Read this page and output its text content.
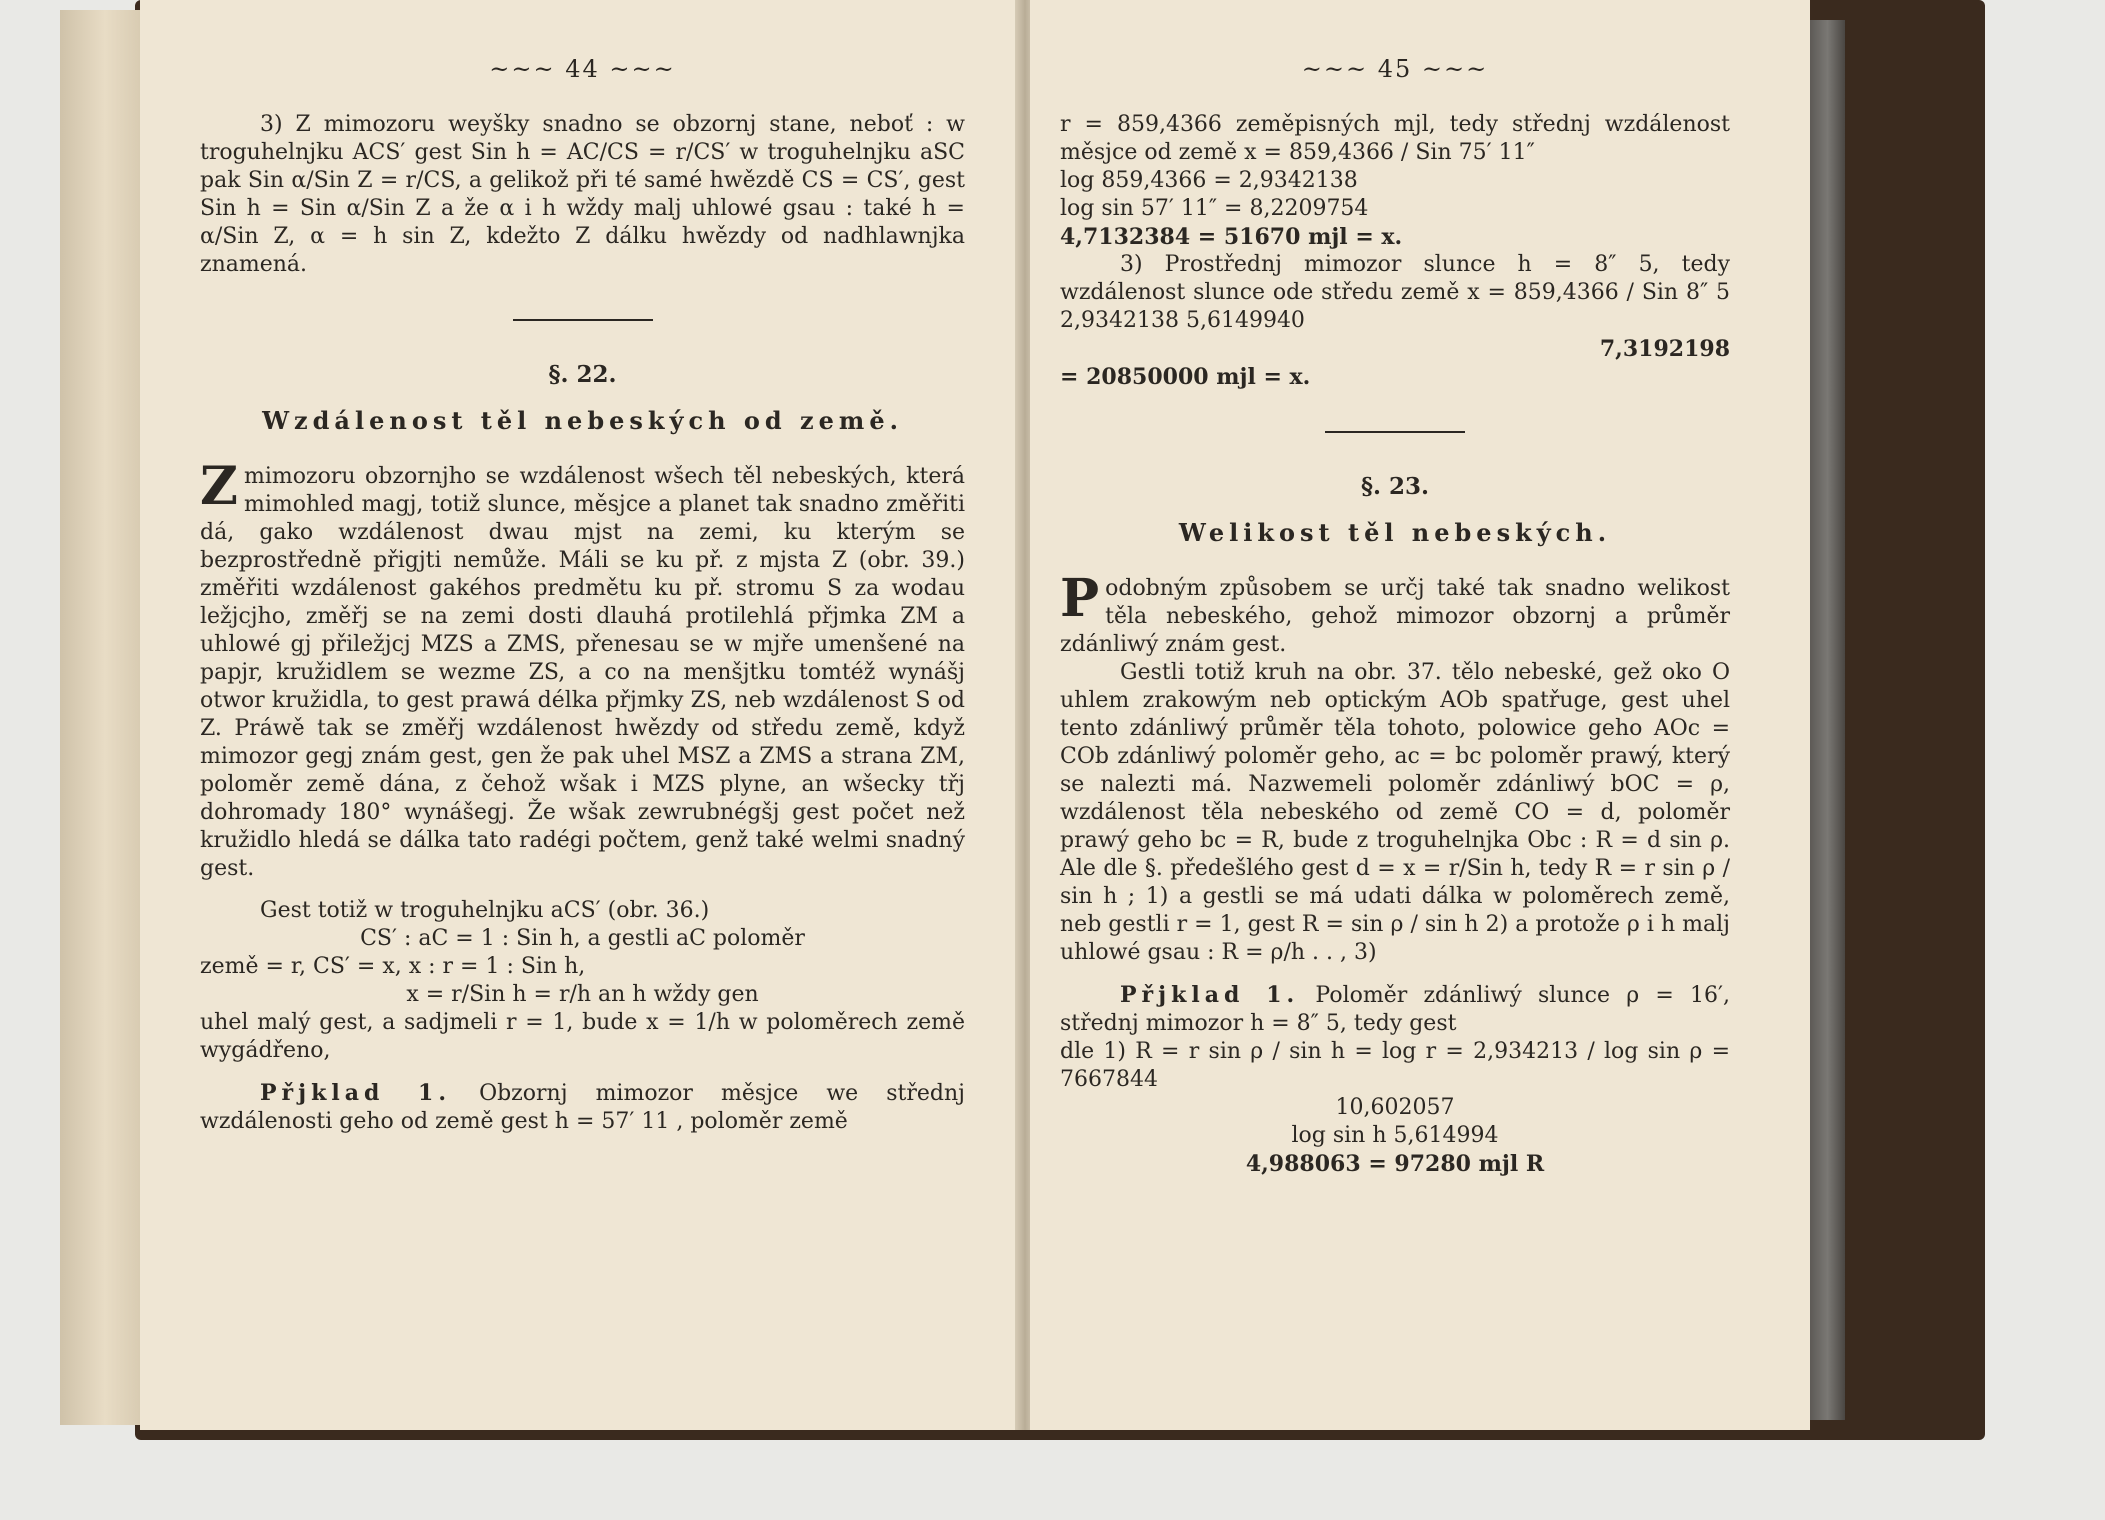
~~~ 44 ~~~

3) Z mimozoru weyšky snadno se obzornj stane, neboť : w troguhelnjku ACS′ gest Sin h = AC/CS = r/CS′ w troguhelnjku aSC pak Sin α/Sin Z = r/CS, a gelikož při té samé hwězdě CS = CS′, gest Sin h = Sin α/Sin Z a že α i h wždy malj uhlowé gsau : také h = α/Sin Z, α = h sin Z, kdežto Z dálku hwězdy od nadhlawnjka znamená.

§. 22.
Wzdálenost těl nebeských od země.

Zmimozoru obzornjho se wzdálenost wšech těl nebeských, která mimohled magj, totiž slunce, měsjce a planet tak snadno změřiti dá, gako wzdálenost dwau mjst na zemi, ku kterým se bezprostředně přigjti nemůže. Máli se ku př. z mjsta Z (obr. 39.) změřiti wzdálenost gakéhos predmětu ku př. stromu S za wodau ležjcjho, změřj se na zemi dosti dlauhá protilehlá přjmka ZM a uhlowé gj přiležjcj MZS a ZMS, přenesau se w mjře umenšené na papjr, kružidlem se wezme ZS, a co na menšjtku tomtéž wynášj otwor kružidla, to gest prawá délka přjmky ZS, neb wzdálenost S od Z. Práwě tak se změřj wzdálenost hwězdy od středu země, když mimozor gegj znám gest, gen že pak uhel MSZ a ZMS a strana ZM, poloměr země dána, z čehož wšak i MZS plyne, an wšecky třj dohromady 180° wynášegj. Že wšak zewrubnégšj gest počet než kružidlo hledá se dálka tato radégi počtem, genž také welmi snadný gest.

Gest totiž w troguhelnjku aCS′ (obr. 36.)

CS′ : aC = 1 : Sin h, a gestli aC poloměr

země = r, CS′ = x, x : r = 1 : Sin h,

x = r/Sin h = r/h an h wždy gen

uhel malý gest, a sadjmeli r = 1, bude x = 1/h w poloměrech země wygádřeno,

Přjklad 1. Obzornj mimozor měsjce we střednj wzdálenosti geho od země gest h = 57′ 11 , poloměr země

~~~ 45 ~~~

r = 859,4366 zeměpisných mjl, tedy střednj wzdálenost měsjce od země x = 859,4366 / Sin 75′ 11″

log 859,4366 = 2,9342138

log sin 57′ 11″ = 8,2209754

4,7132384 = 51670 mjl = x.

3) Prostřednj mimozor slunce h = 8″ 5, tedy wzdálenost slunce ode středu země x = 859,4366 / Sin 8″ 5 2,9342138 5,6149940

7,3192198

= 20850000 mjl = x.

§. 23.
Welikost těl nebeských.

Podobným způsobem se určj také tak snadno welikost těla nebeského, gehož mimozor obzornj a průměr zdánliwý znám gest.

Gestli totiž kruh na obr. 37. tělo nebeské, gež oko O uhlem zrakowým neb optickým AOb spatřuge, gest uhel tento zdánliwý průměr těla tohoto, polowice geho AOc = COb zdánliwý poloměr geho, ac = bc poloměr prawý, který se nalezti má. Nazwemeli poloměr zdánliwý bOC = ρ, wzdálenost těla nebeského od země CO = d, poloměr prawý geho bc = R, bude z troguhelnjka Obc : R = d sin ρ. Ale dle §. předešlého gest d = x = r/Sin h, tedy R = r sin ρ / sin h ; 1) a gestli se má udati dálka w poloměrech země, neb gestli r = 1, gest R = sin ρ / sin h 2) a protože ρ i h malj uhlowé gsau : R = ρ/h . . , 3)

Přjklad 1. Poloměr zdánliwý slunce ρ = 16′, střednj mimozor h = 8″ 5, tedy gest

dle 1) R = r sin ρ / sin h = log r = 2,934213 / log sin ρ = 7667844

10,602057

log sin h 5,614994

4,988063 = 97280 mjl R
